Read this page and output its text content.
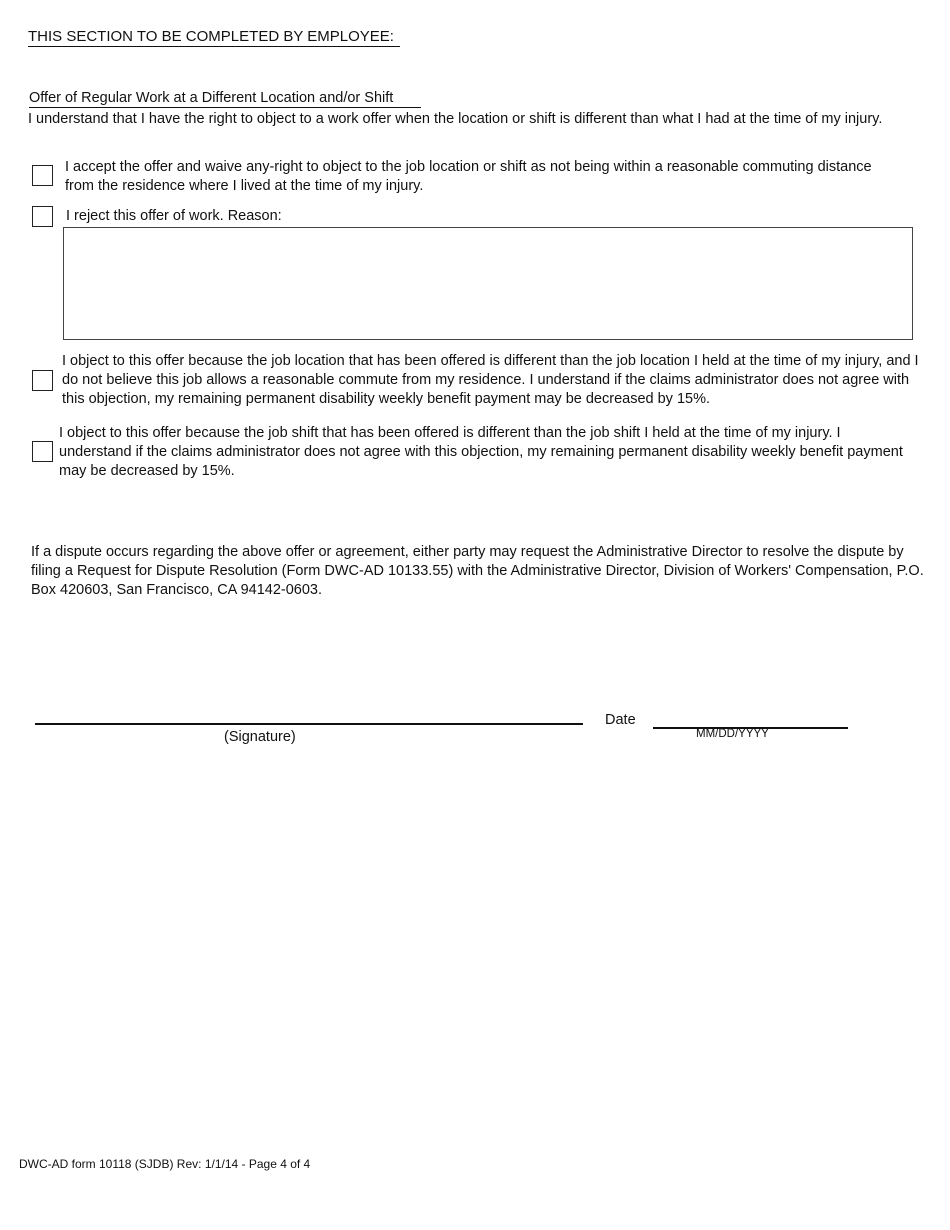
THIS SECTION TO BE COMPLETED BY EMPLOYEE:
Offer of Regular Work at a Different Location and/or Shift
I understand that I have the right to object to a work offer when the location or shift is different than what I had at the time of my injury.
I accept the offer and waive any-right to object to the job location or shift as not being within a reasonable commuting distance from the residence where I lived at the time of my injury.
I reject this offer of work. Reason:
I object to this offer because the job location that has been offered is different than the job location I held at the time of my injury, and I do not believe this job allows a reasonable commute from my residence. I understand if the claims administrator does not agree with this objection, my remaining permanent disability weekly benefit payment may be decreased by 15%.
I object to this offer because the job shift that has been offered is different than the job shift I held at the time of my injury. I understand if the claims administrator does not agree with this objection, my remaining permanent disability weekly benefit payment may be decreased by 15%.
If a dispute occurs regarding the above offer or agreement, either party may request the Administrative Director to resolve the dispute by filing a Request for Dispute Resolution (Form DWC-AD 10133.55) with the Administrative Director, Division of Workers' Compensation, P.O. Box 420603, San Francisco, CA 94142-0603.
(Signature)
Date
MM/DD/YYYY
DWC-AD form 10118 (SJDB) Rev: 1/1/14 - Page 4 of 4
